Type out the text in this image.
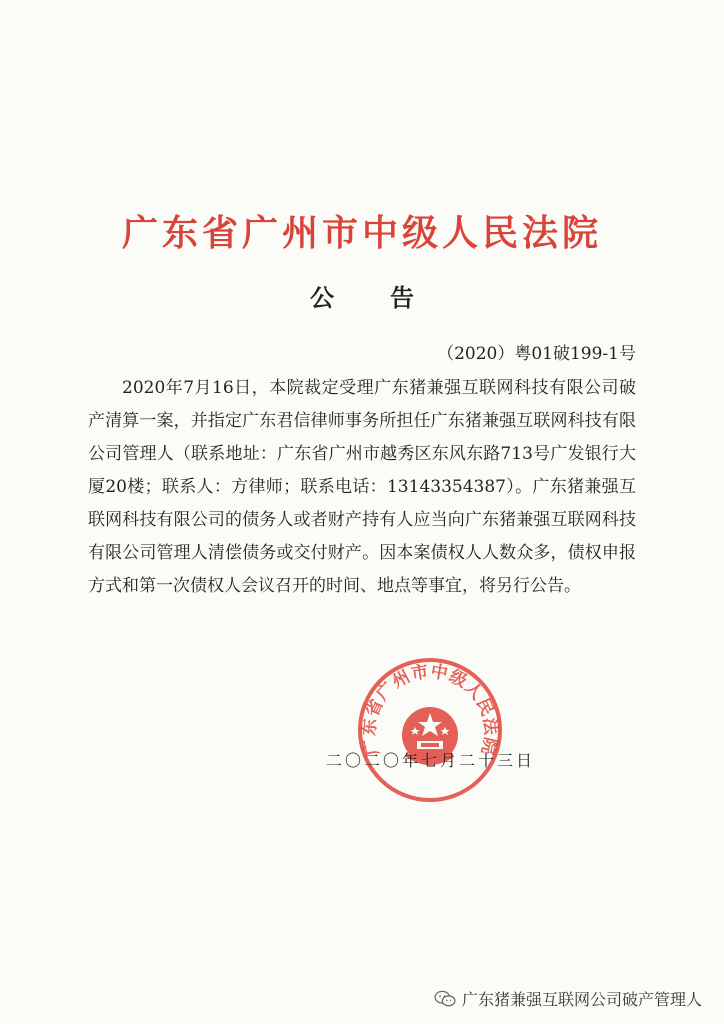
广东省广州市中级人民法院
公告
（2020）粤01破199-1号
2020年7月16日，本院裁定受理广东猪兼强互联网科技有限公司破产清算一案，并指定广东君信律师事务所担任广东猪兼强互联网科技有限公司管理人（联系地址：广东省广州市越秀区东风东路713号广发银行大厦20楼；联系人：方律师；联系电话：13143354387）。广东猪兼强互联网科技有限公司的债务人或者财产持有人应当向广东猪兼强互联网科技有限公司管理人清偿债务或交付财产。因本案债权人人数众多，债权申报方式和第一次债权人会议召开的时间、地点等事宜，将另行公告。
广东省广州市中级人民法院
二〇二〇年七月二十三日
广东猪兼强互联网公司破产管理人
